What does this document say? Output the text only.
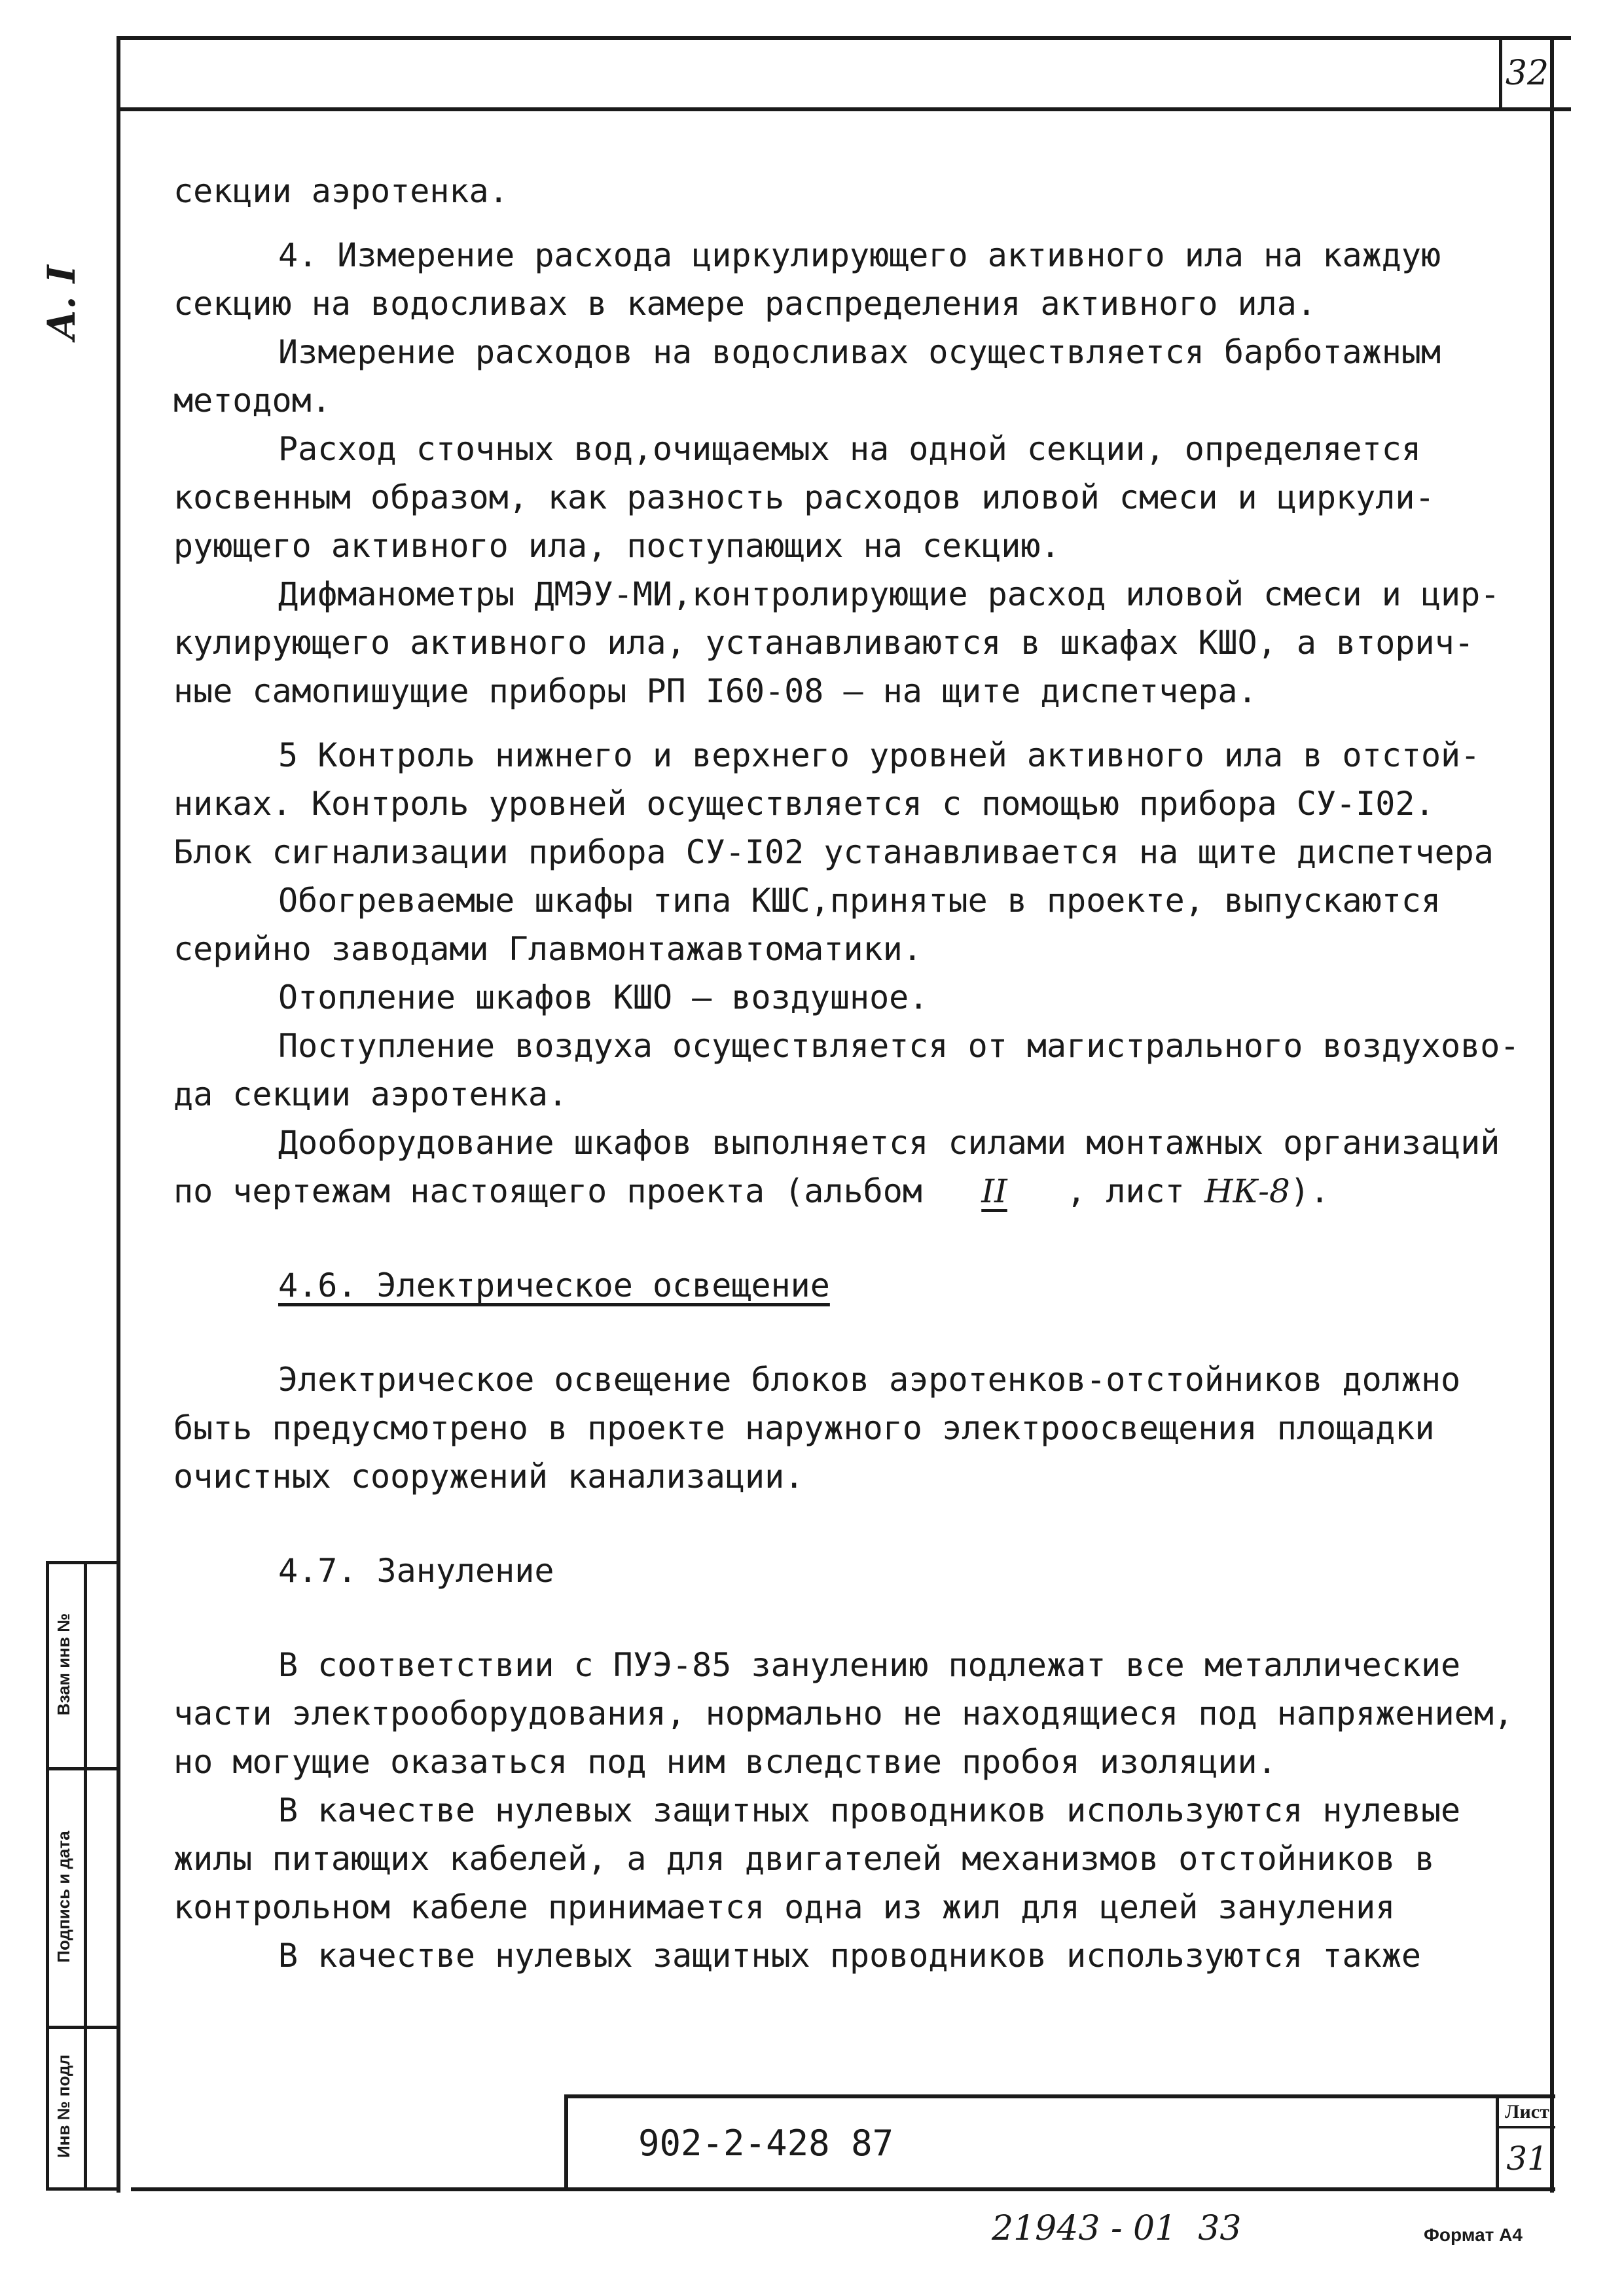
32
А. I

секции аэротенка.

4. Измерение расхода циркулирующего активного ила на каждую

секцию на водосливах в камере распределения активного ила.

Измерение расходов на водосливах осуществляется барботажным

методом.

Расход сточных вод,очищаемых на одной секции, определяется

косвенным образом, как разность расходов иловой смеси и циркули-

рующего активного ила, поступающих на секцию.

Дифманометры ДМЭУ-МИ,контролирующие расход иловой смеси и цир-

кулирующего активного ила, устанавливаются в шкафах КШО, а вторич-

ные самопишущие приборы РП I60-08 – на щите диспетчера.

5 Контроль нижнего и верхнего уровней активного ила в отстой-

никах. Контроль уровней осуществляется с помощью прибора СУ-I02.

Блок сигнализации прибора СУ-I02 устанавливается на щите диспетчера

Обогреваемые шкафы типа КШС,принятые в проекте, выпускаются

серийно заводами Главмонтажавтоматики.

Отопление шкафов КШО – воздушное.

Поступление воздуха осуществляется от магистрального воздухово-

да секции аэротенка.

Дооборудование шкафов выполняется силами монтажных организаций

по чертежам настоящего проекта (альбом II , лист НК-8).

4.6. Электрическое освещение

Электрическое освещение блоков аэротенков-отстойников должно

быть предусмотрено в проекте наружного электроосвещения площадки

очистных сооружений канализации.

4.7. Зануление

В соответствии с ПУЭ-85 занулению подлежат все металлические

части электрооборудования, нормально не находящиеся под напряжением,

но могущие оказаться под ним вследствие пробоя изоляции.

В качестве нулевых защитных проводников используются нулевые

жилы питающих кабелей, а для двигателей механизмов отстойников в

контрольном кабеле принимается одна из жил для целей зануления

В качестве нулевых защитных проводников используются также

Взам инв №
Подпись и дата
Инв № подл	902-2-428 87
Лист
31
21943 - 01  33	Формат А4
